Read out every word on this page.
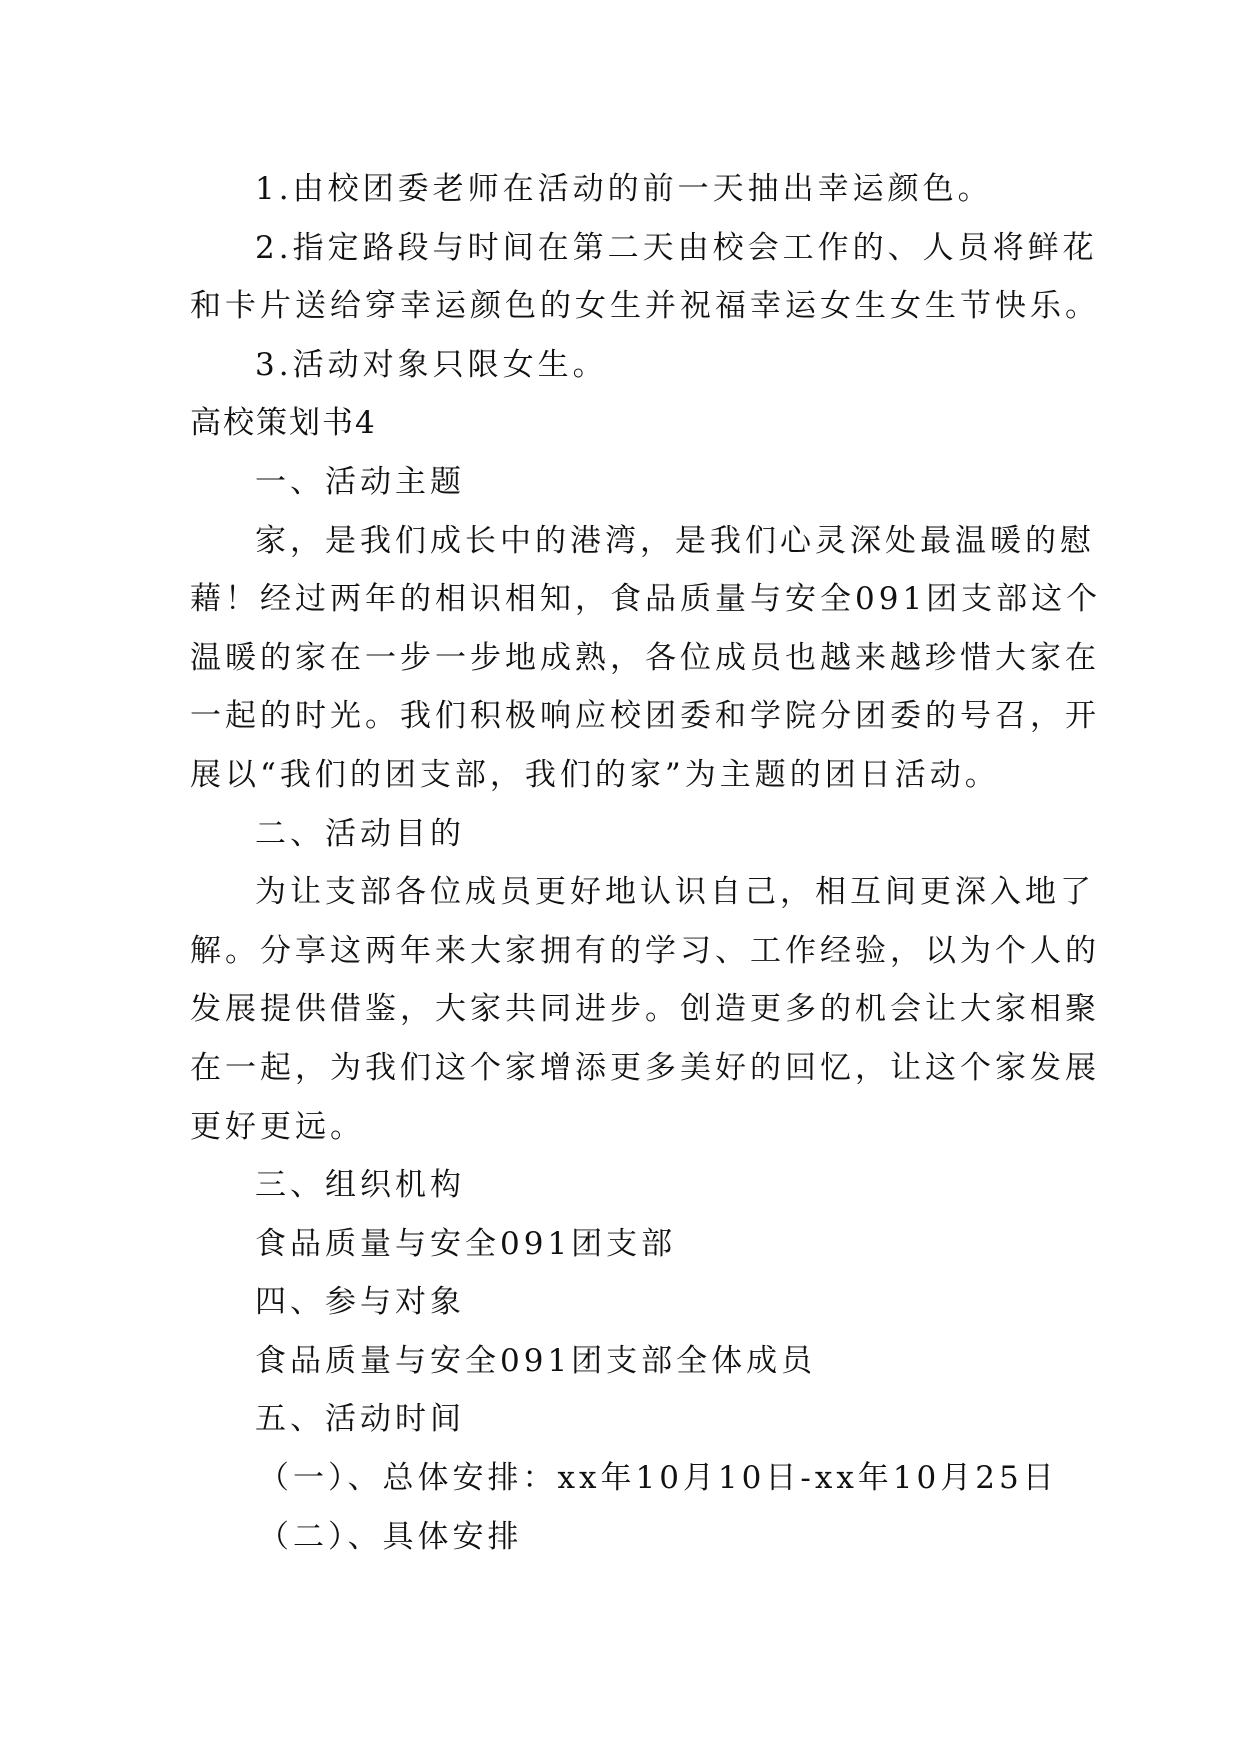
1.由校团委老师在活动的前一天抽出幸运颜色。
2.指定路段与时间在第二天由校会工作的、人员将鲜花
和卡片送给穿幸运颜色的女生并祝福幸运女生女生节快乐。
3.活动对象只限女生。
高校策划书4
一、活动主题
家，是我们成长中的港湾，是我们心灵深处最温暖的慰
藉！经过两年的相识相知，食品质量与安全091团支部这个
温暖的家在一步一步地成熟，各位成员也越来越珍惜大家在
一起的时光。我们积极响应校团委和学院分团委的号召，开
展以“我们的团支部，我们的家”为主题的团日活动。
二、活动目的
为让支部各位成员更好地认识自己，相互间更深入地了
解。分享这两年来大家拥有的学习、工作经验，以为个人的
发展提供借鉴，大家共同进步。创造更多的机会让大家相聚
在一起，为我们这个家增添更多美好的回忆，让这个家发展
更好更远。
三、组织机构
食品质量与安全091团支部
四、参与对象
食品质量与安全091团支部全体成员
五、活动时间
（一）、总体安排：xx年10月10日-xx年10月25日
（二）、具体安排
